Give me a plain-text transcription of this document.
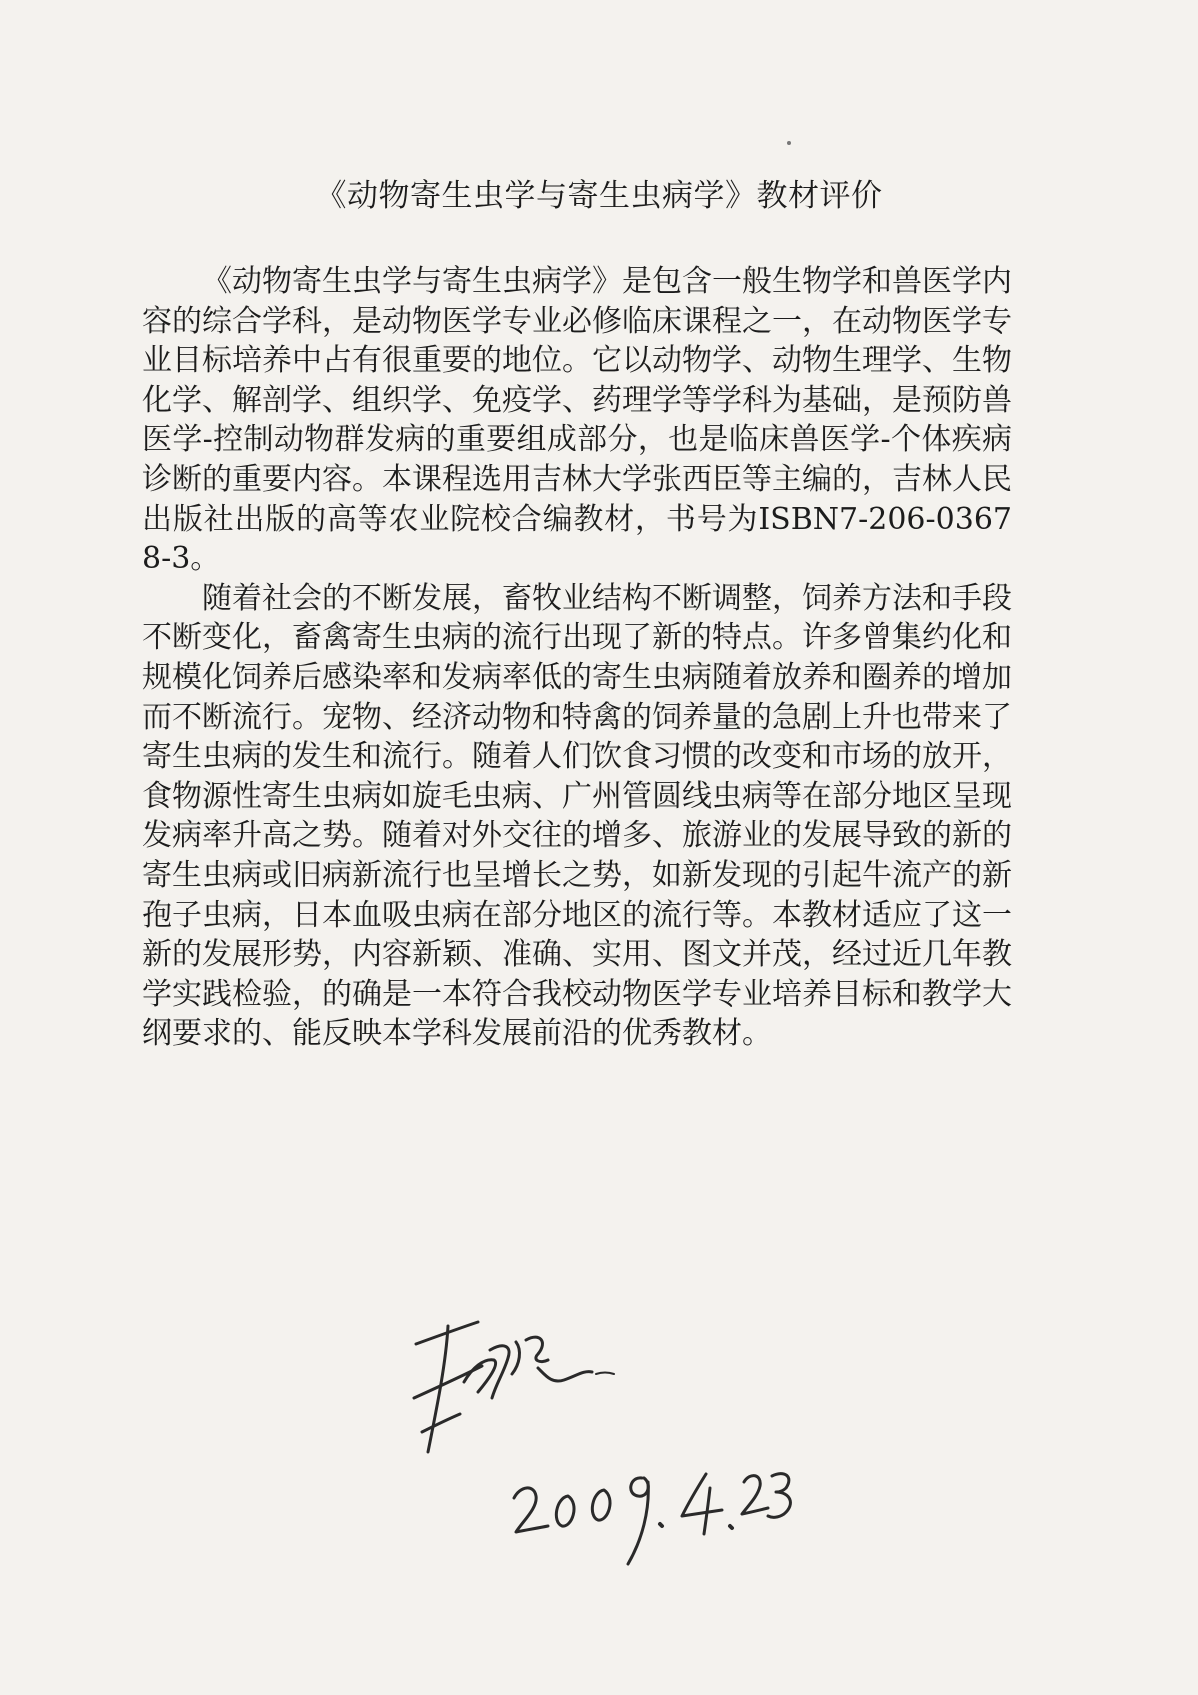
《动物寄生虫学与寄生虫病学》教材评价

《动物寄生虫学与寄生虫病学》是包含一般生物学和兽医学内容的综合学科，是动物医学专业必修临床课程之一，在动物医学专业目标培养中占有很重要的地位。它以动物学、动物生理学、生物化学、解剖学、组织学、免疫学、药理学等学科为基础，是预防兽医学-控制动物群发病的重要组成部分，也是临床兽医学-个体疾病诊断的重要内容。本课程选用吉林大学张西臣等主编的，吉林人民出版社出版的高等农业院校合编教材，书号为ISBN7-206-03678-3。

随着社会的不断发展，畜牧业结构不断调整，饲养方法和手段不断变化，畜禽寄生虫病的流行出现了新的特点。许多曾集约化和规模化饲养后感染率和发病率低的寄生虫病随着放养和圈养的增加而不断流行。宠物、经济动物和特禽的饲养量的急剧上升也带来了寄生虫病的发生和流行。随着人们饮食习惯的改变和市场的放开，食物源性寄生虫病如旋毛虫病、广州管圆线虫病等在部分地区呈现发病率升高之势。随着对外交往的增多、旅游业的发展导致的新的寄生虫病或旧病新流行也呈增长之势，如新发现的引起牛流产的新孢子虫病，日本血吸虫病在部分地区的流行等。本教材适应了这一新的发展形势，内容新颖、准确、实用、图文并茂，经过近几年教学实践检验，的确是一本符合我校动物医学专业培养目标和教学大纲要求的、能反映本学科发展前沿的优秀教材。
